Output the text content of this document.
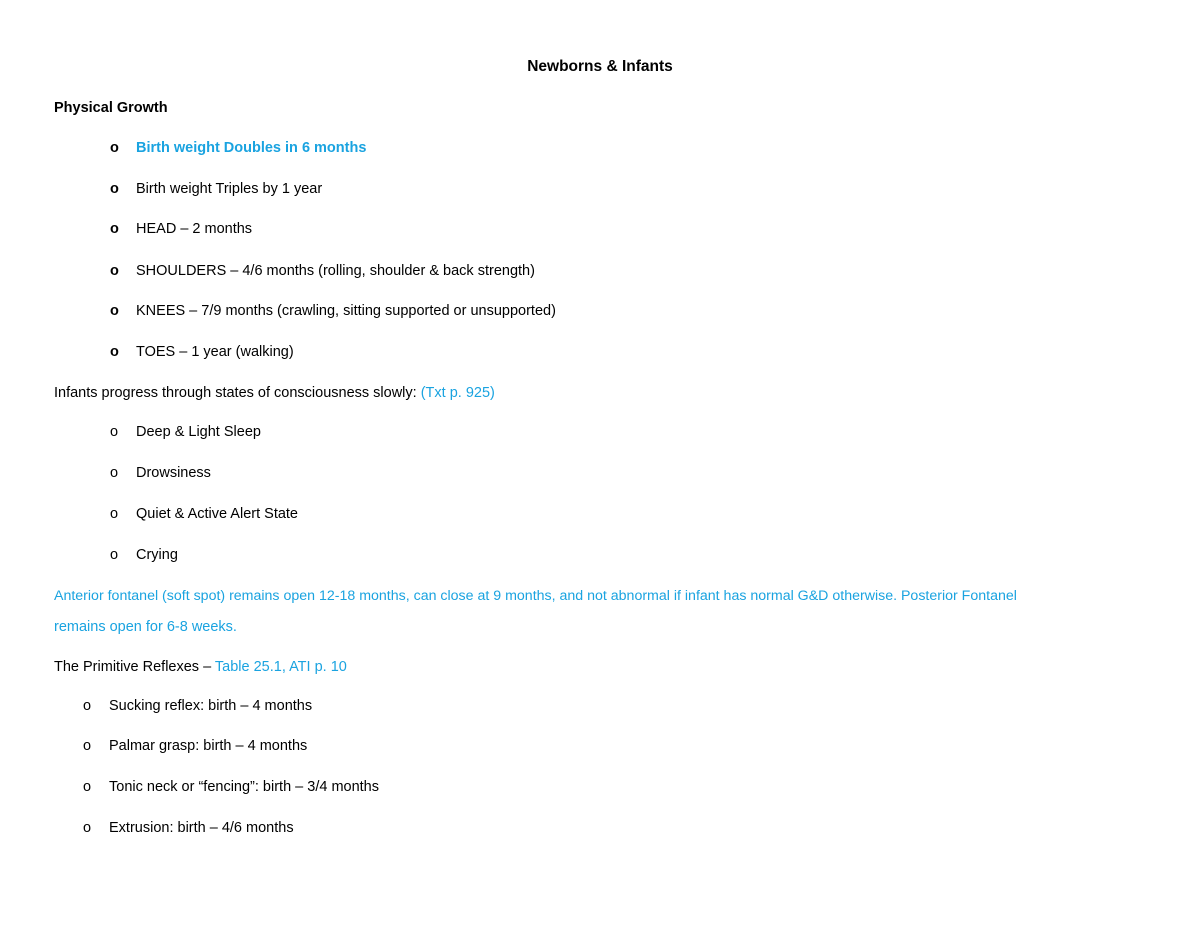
Newborns & Infants
Physical Growth
o Birth weight Doubles in 6 months
o Birth weight Triples by 1 year
o HEAD – 2 months
o SHOULDERS – 4/6 months (rolling, shoulder & back strength)
o KNEES – 7/9 months (crawling, sitting supported or unsupported)
o TOES – 1 year (walking)
Infants progress through states of consciousness slowly: (Txt p. 925)
o Deep & Light Sleep
o Drowsiness
o Quiet & Active Alert State
o Crying
Anterior fontanel (soft spot) remains open 12-18 months, can close at 9 months, and not abnormal if infant has normal G&D otherwise. Posterior Fontanel
remains open for 6-8 weeks.
The Primitive Reflexes – Table 25.1, ATI p. 10
o Sucking reflex: birth – 4 months
o Palmar grasp: birth – 4 months
o Tonic neck or “fencing”: birth – 3/4 months
o Extrusion: birth – 4/6 months
